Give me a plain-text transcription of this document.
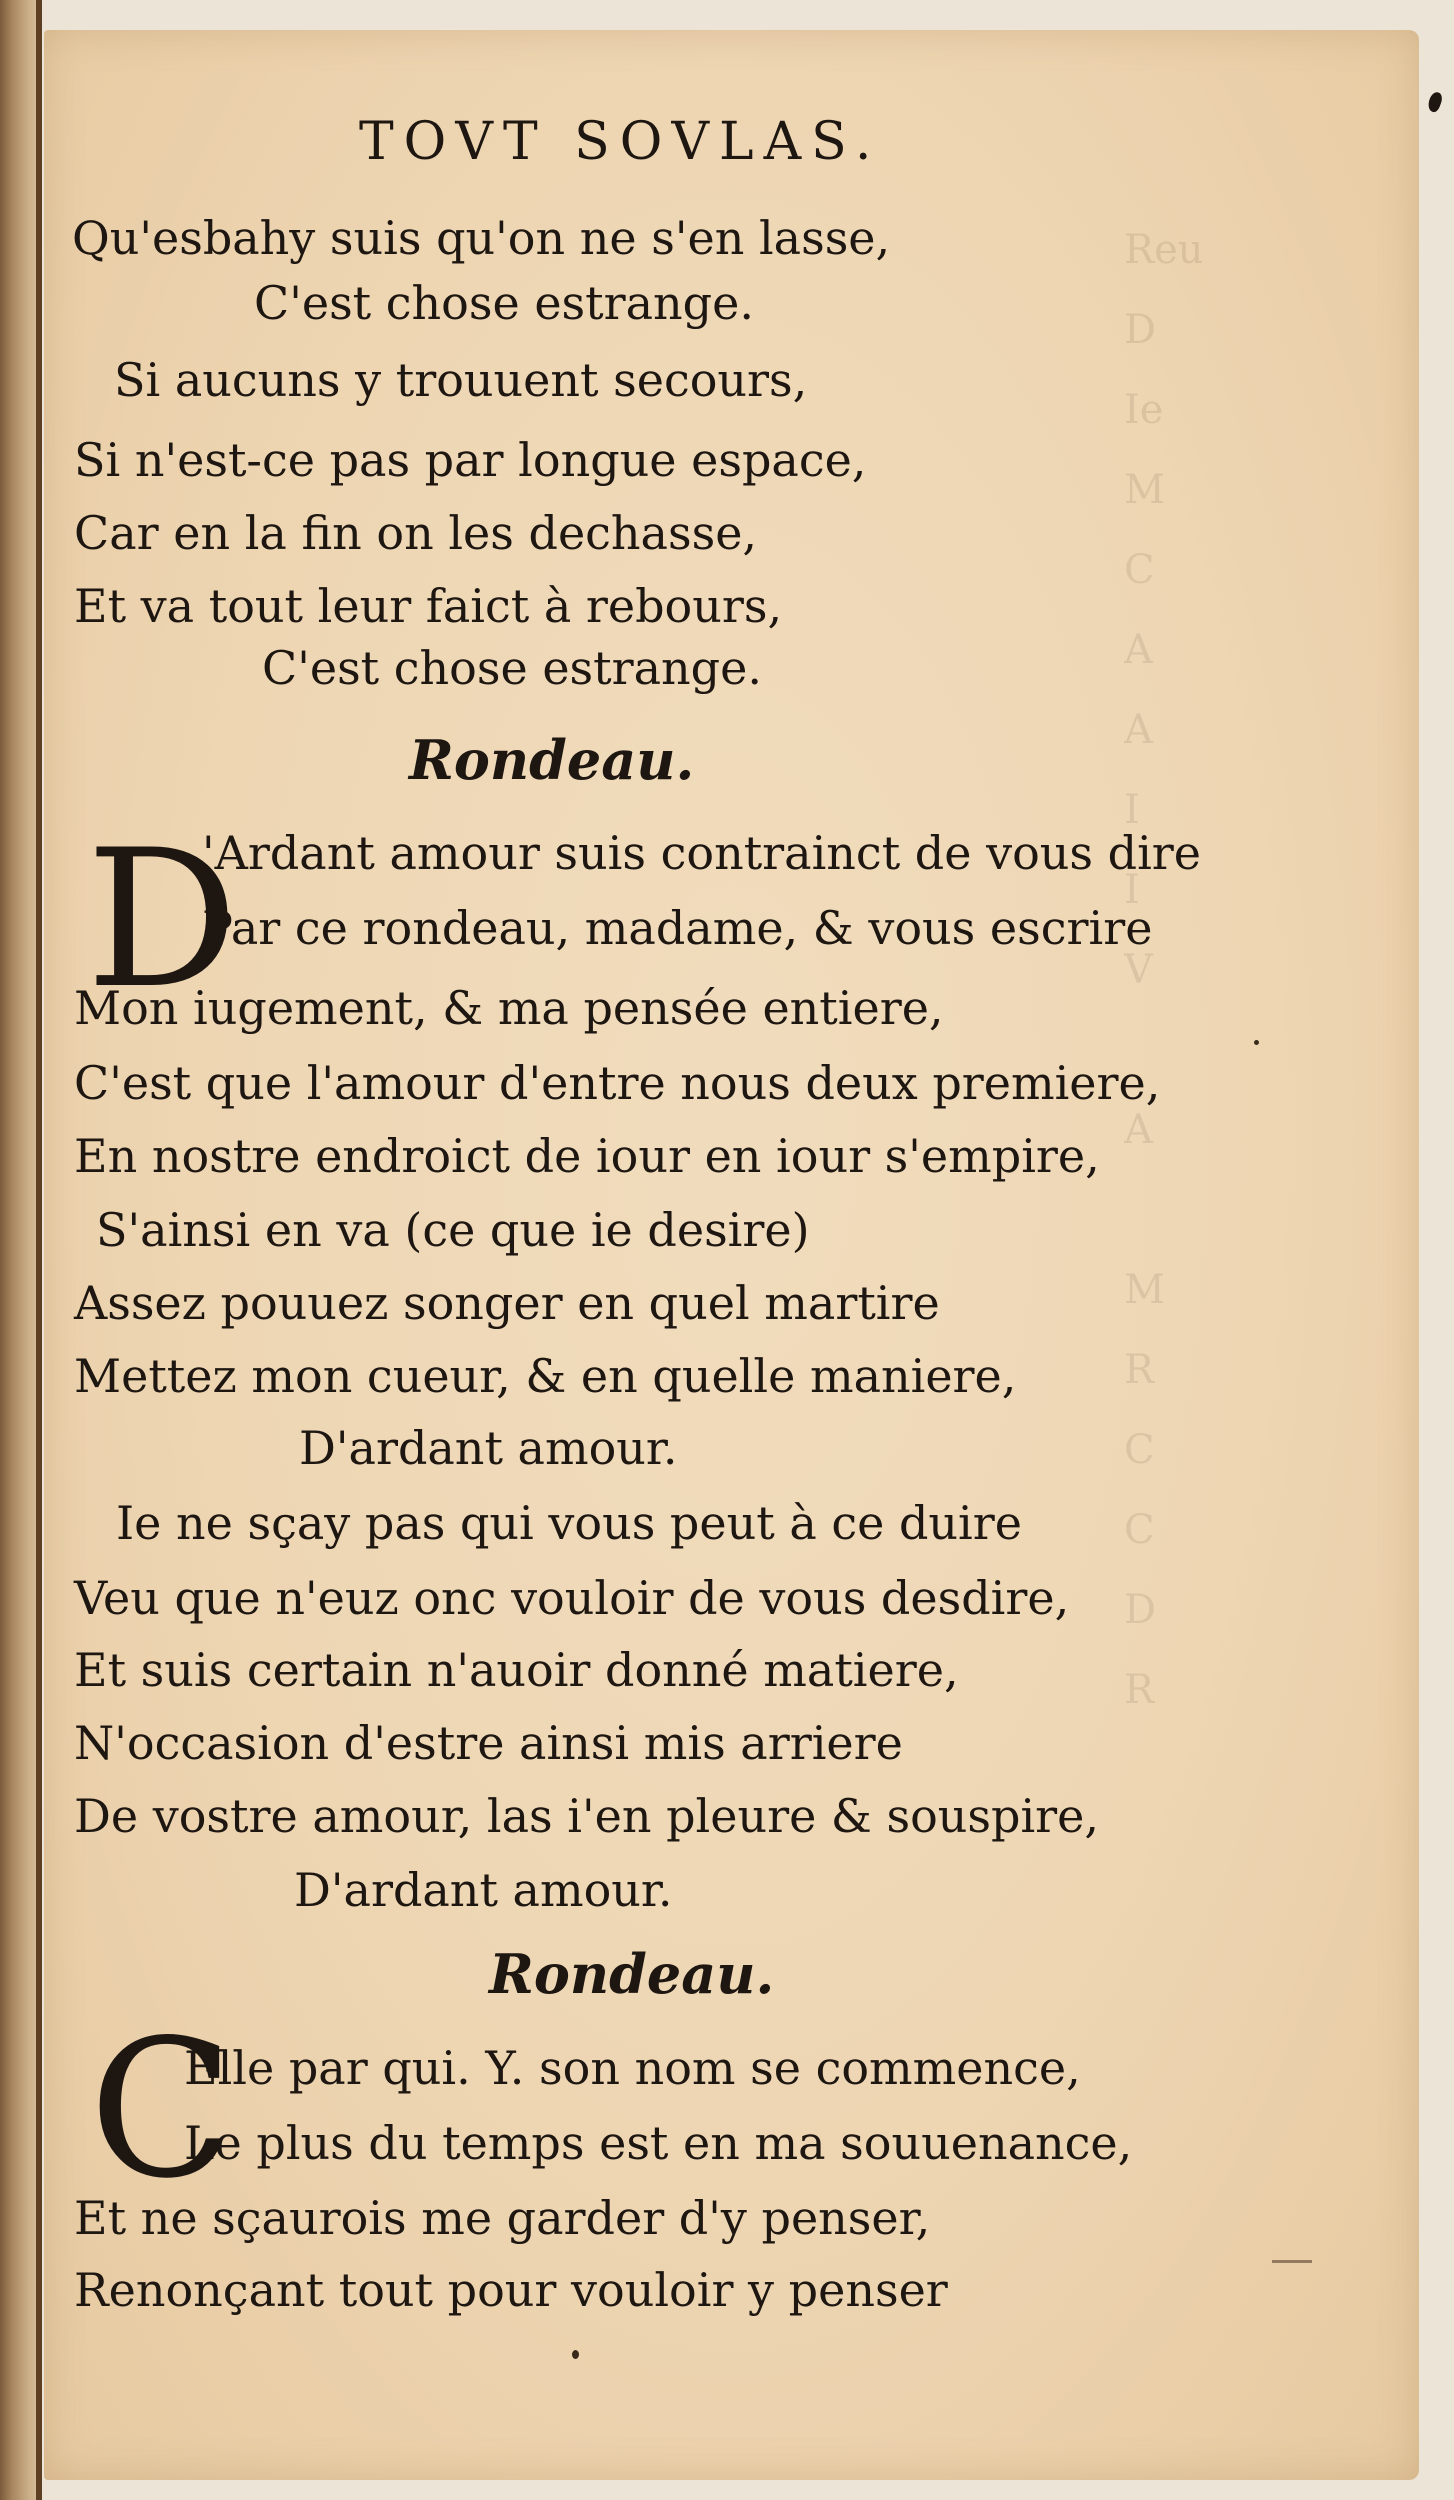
Reu
D
Ie
M
C
A
A
I
I
V

A

M
R
C
C
D
R
TOVT SOVLAS.
Qu'esbahy suis qu'on ne s'en lasse,
C'est chose estrange.
Si aucuns y trouuent secours,
Si n'est-ce pas par longue espace,
Car en la fin on les dechasse,
Et va tout leur faict à rebours,
C'est chose estrange.
Rondeau.
D
'Ardant amour suis contrainct de vous dire
Par ce rondeau, madame, & vous escrire
Mon iugement, & ma pensée entiere,
C'est que l'amour d'entre nous deux premiere,
En nostre endroict de iour en iour s'empire,
S'ainsi en va (ce que ie desire)
Assez pouuez songer en quel martire
Mettez mon cueur, & en quelle maniere,
D'ardant amour.
Ie ne sçay pas qui vous peut à ce duire
Veu que n'euz onc vouloir de vous desdire,
Et suis certain n'auoir donné matiere,
N'occasion d'estre ainsi mis arriere
De vostre amour, las i'en pleure & souspire,
D'ardant amour.
Rondeau.
C
Elle par qui. Y. son nom se commence,
Le plus du temps est en ma souuenance,
Et ne sçaurois me garder d'y penser,
Renonçant tout pour vouloir y penser
